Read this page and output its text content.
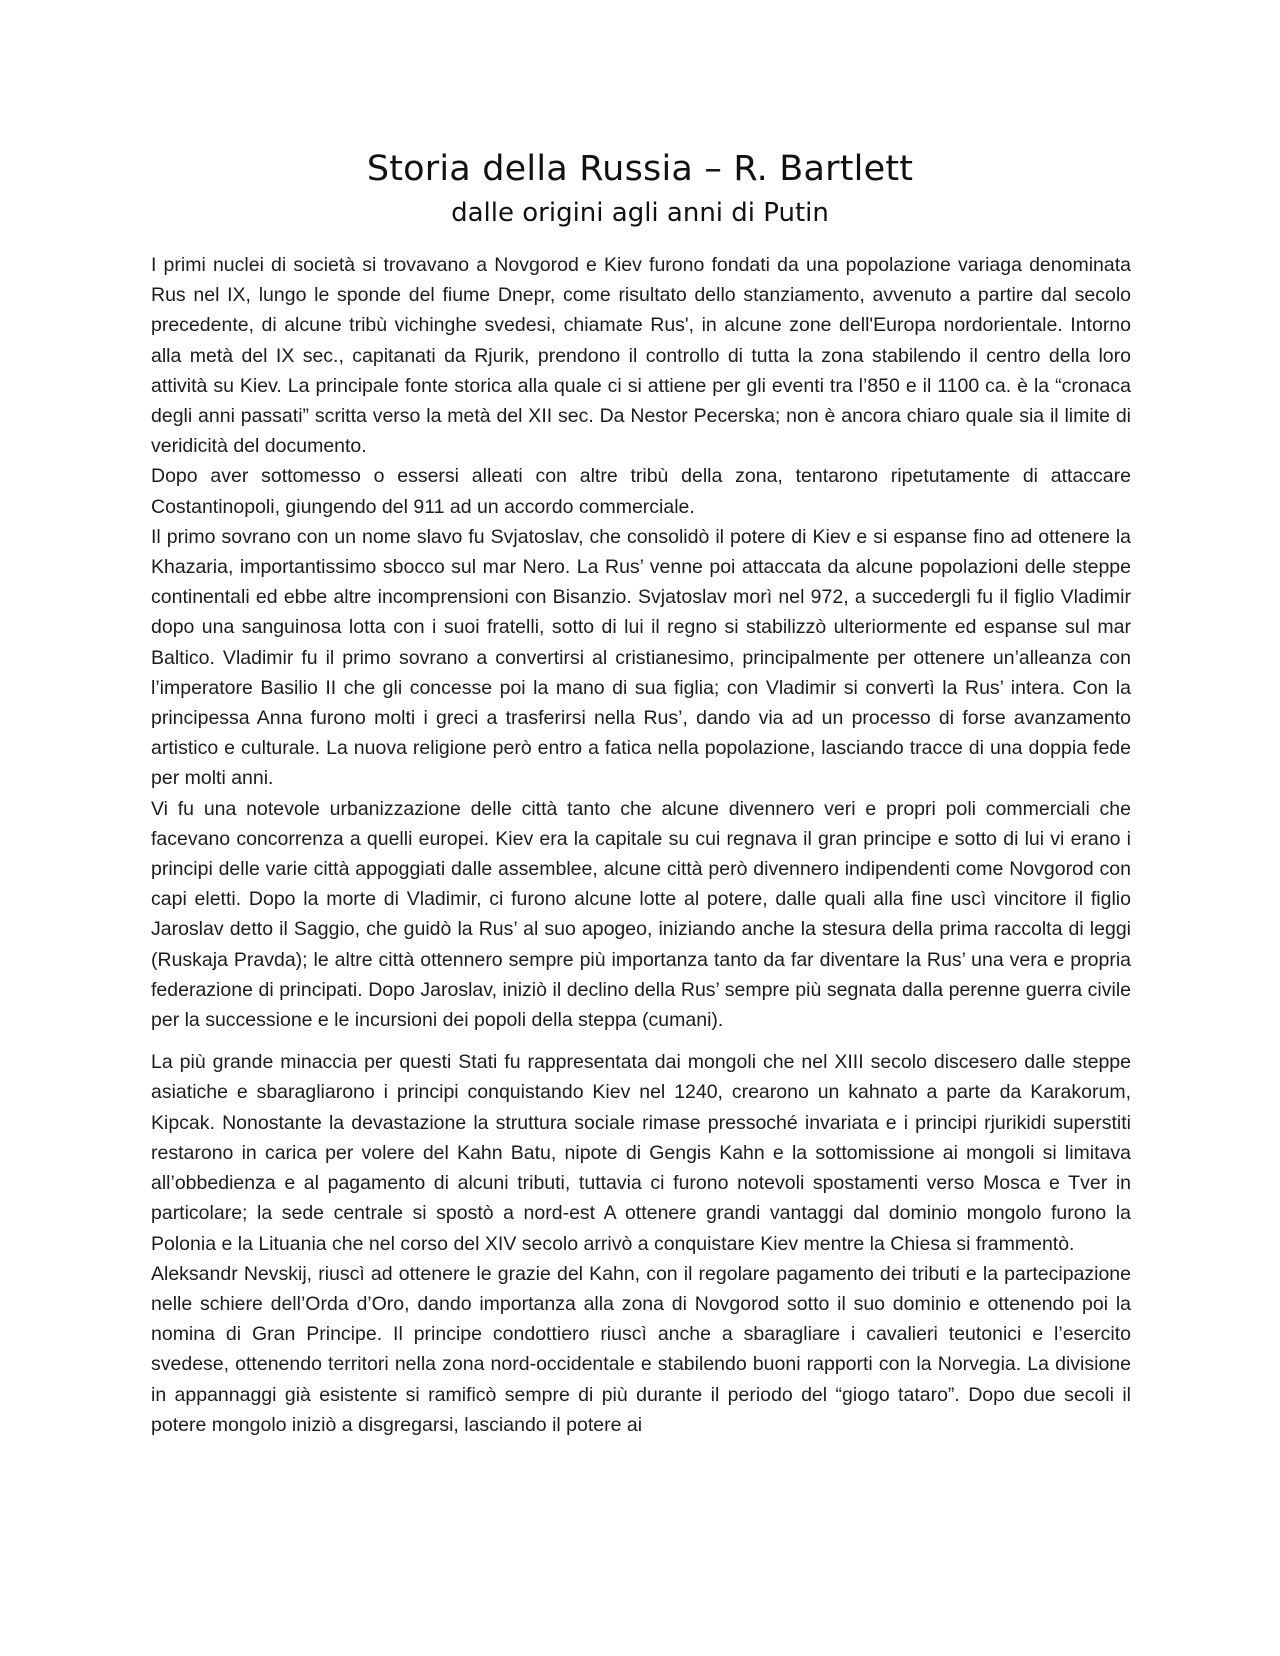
Storia della Russia – R. Bartlett
dalle origini agli anni di Putin

I primi nuclei di società si trovavano a Novgorod e Kiev furono fondati da una popolazione variaga denominata Rus nel IX, lungo le sponde del fiume Dnepr, come risultato dello stanziamento, avvenuto a partire dal secolo precedente, di alcune tribù vichinghe svedesi, chiamate Rus', in alcune zone dell'Europa nordorientale. Intorno alla metà del IX sec., capitanati da Rjurik, prendono il controllo di tutta la zona stabilendo il centro della loro attività su Kiev. La principale fonte storica alla quale ci si attiene per gli eventi tra l’850 e il 1100 ca. è la “cronaca degli anni passati” scritta verso la metà del XII sec. Da Nestor Pecerska; non è ancora chiaro quale sia il limite di veridicità del documento.

Dopo aver sottomesso o essersi alleati con altre tribù della zona, tentarono ripetutamente di attaccare Costantinopoli, giungendo del 911 ad un accordo commerciale.

Il primo sovrano con un nome slavo fu Svjatoslav, che consolidò il potere di Kiev e si espanse fino ad ottenere la Khazaria, importantissimo sbocco sul mar Nero. La Rus’ venne poi attaccata da alcune popolazioni delle steppe continentali ed ebbe altre incomprensioni con Bisanzio. Svjatoslav morì nel 972, a succedergli fu il figlio Vladimir dopo una sanguinosa lotta con i suoi fratelli, sotto di lui il regno si stabilizzò ulteriormente ed espanse sul mar Baltico. Vladimir fu il primo sovrano a convertirsi al cristianesimo, principalmente per ottenere un’alleanza con l’imperatore Basilio II che gli concesse poi la mano di sua figlia; con Vladimir si convertì la Rus’ intera. Con la principessa Anna furono molti i greci a trasferirsi nella Rus’, dando via ad un processo di forse avanzamento artistico e culturale. La nuova religione però entro a fatica nella popolazione, lasciando tracce di una doppia fede per molti anni.

Vi fu una notevole urbanizzazione delle città tanto che alcune divennero veri e propri poli commerciali che facevano concorrenza a quelli europei. Kiev era la capitale su cui regnava il gran principe e sotto di lui vi erano i principi delle varie città appoggiati dalle assemblee, alcune città però divennero indipendenti come Novgorod con capi eletti. Dopo la morte di Vladimir, ci furono alcune lotte al potere, dalle quali alla fine uscì vincitore il figlio Jaroslav detto il Saggio, che guidò la Rus’ al suo apogeo, iniziando anche la stesura della prima raccolta di leggi (Ruskaja Pravda); le altre città ottennero sempre più importanza tanto da far diventare la Rus’ una vera e propria federazione di principati. Dopo Jaroslav, iniziò il declino della Rus’ sempre più segnata dalla perenne guerra civile per la successione e le incursioni dei popoli della steppa (cumani).

La più grande minaccia per questi Stati fu rappresentata dai mongoli che nel XIII secolo discesero dalle steppe asiatiche e sbaragliarono i principi conquistando Kiev nel 1240, crearono un kahnato a parte da Karakorum, Kipcak. Nonostante la devastazione la struttura sociale rimase pressoché invariata e i principi rjurikidi superstiti restarono in carica per volere del Kahn Batu, nipote di Gengis Kahn e la sottomissione ai mongoli si limitava all’obbedienza e al pagamento di alcuni tributi, tuttavia ci furono notevoli spostamenti verso Mosca e Tver in particolare; la sede centrale si spostò a nord-est A ottenere grandi vantaggi dal dominio mongolo furono la Polonia e la Lituania che nel corso del XIV secolo arrivò a conquistare Kiev mentre la Chiesa si frammentò.

Aleksandr Nevskij, riuscì ad ottenere le grazie del Kahn, con il regolare pagamento dei tributi e la partecipazione nelle schiere dell’Orda d’Oro, dando importanza alla zona di Novgorod sotto il suo dominio e ottenendo poi la nomina di Gran Principe. Il principe condottiero riuscì anche a sbaragliare i cavalieri teutonici e l’esercito svedese, ottenendo territori nella zona nord-occidentale e stabilendo buoni rapporti con la Norvegia. La divisione in appannaggi già esistente si ramificò sempre di più durante il periodo del “giogo tataro”. Dopo due secoli il potere mongolo iniziò a disgregarsi, lasciando il potere ai
